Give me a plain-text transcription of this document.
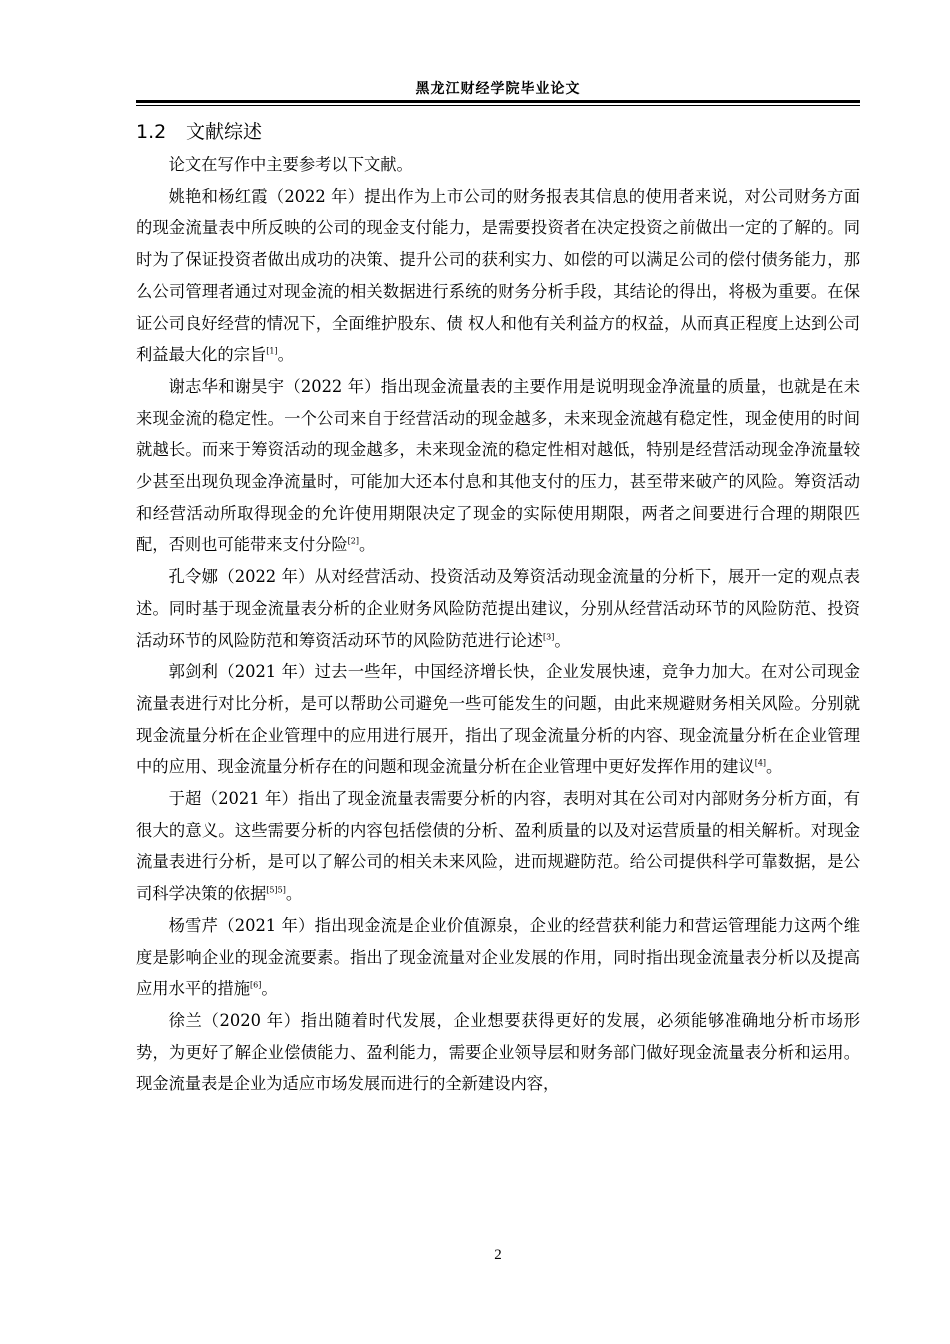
黑龙江财经学院毕业论文
1.2 文献综述

论文在写作中主要参考以下文献。

姚艳和杨红霞（2022 年）提出作为上市公司的财务报表其信息的使用者来说，对公司财务方面的现金流量表中所反映的公司的现金支付能力，是需要投资者在决定投资之前做出一定的了解的。同时为了保证投资者做出成功的决策、提升公司的获利实力、如偿的可以满足公司的偿付债务能力，那么公司管理者通过对现金流的相关数据进行系统的财务分析手段，其结论的得出，将极为重要。在保证公司良好经营的情况下，全面维护股东、债 权人和他有关利益方的权益，从而真正程度上达到公司利益最大化的宗旨[1]。

谢志华和谢昊宇（2022 年）指出现金流量表的主要作用是说明现金净流量的质量，也就是在未来现金流的稳定性。一个公司来自于经营活动的现金越多，未来现金流越有稳定性，现金使用的时间就越长。而来于筹资活动的现金越多，未来现金流的稳定性相对越低，特别是经营活动现金净流量较少甚至出现负现金净流量时，可能加大还本付息和其他支付的压力，甚至带来破产的风险。筹资活动和经营活动所取得现金的允许使用期限决定了现金的实际使用期限，两者之间要进行合理的期限匹配，否则也可能带来支付分险[2]。

孔令娜（2022 年）从对经营活动、投资活动及筹资活动现金流量的分析下，展开一定的观点表述。同时基于现金流量表分析的企业财务风险防范提出建议，分别从经营活动环节的风险防范、投资活动环节的风险防范和筹资活动环节的风险防范进行论述[3]。

郭剑利（2021 年）过去一些年，中国经济增长快，企业发展快速，竞争力加大。在对公司现金流量表进行对比分析，是可以帮助公司避免一些可能发生的问题，由此来规避财务相关风险。分别就现金流量分析在企业管理中的应用进行展开，指出了现金流量分析的内容、现金流量分析在企业管理中的应用、现金流量分析存在的问题和现金流量分析在企业管理中更好发挥作用的建议[4]。

于超（2021 年）指出了现金流量表需要分析的内容，表明对其在公司对内部财务分析方面，有很大的意义。这些需要分析的内容包括偿债的分析、盈利质量的以及对运营质量的相关解析。对现金流量表进行分析，是可以了解公司的相关未来风险，进而规避防范。给公司提供科学可靠数据，是公司科学决策的依据[5]5]。

杨雪芹（2021 年）指出现金流是企业价值源泉，企业的经营获利能力和营运管理能力这两个维度是影响企业的现金流要素。指出了现金流量对企业发展的作用，同时指出现金流量表分析以及提高应用水平的措施[6]。

徐兰（2020 年）指出随着时代发展，企业想要获得更好的发展，必须能够准确地分析市场形势，为更好了解企业偿债能力、盈利能力，需要企业领导层和财务部门做好现金流量表分析和运用。现金流量表是企业为适应市场发展而进行的全新建设内容，

2
